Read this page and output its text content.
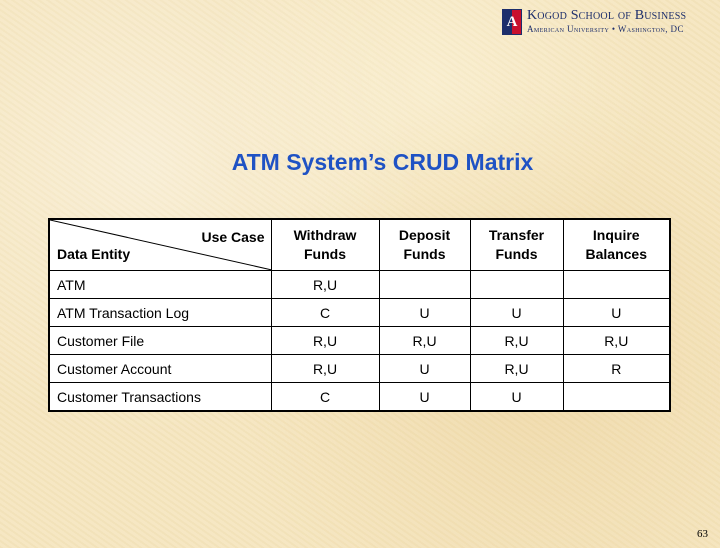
A Kogod School of Business
American University • Washington, DC
ATM System’s CRUD Matrix
Use Case
Data Entity	Withdraw Funds	Deposit Funds	Transfer Funds	Inquire Balances
ATM	R,U			
ATM Transaction Log	C	U	U	U
Customer File	R,U	R,U	R,U	R,U
Customer Account	R,U	U	R,U	R
Customer Transactions	C	U	U	
63
